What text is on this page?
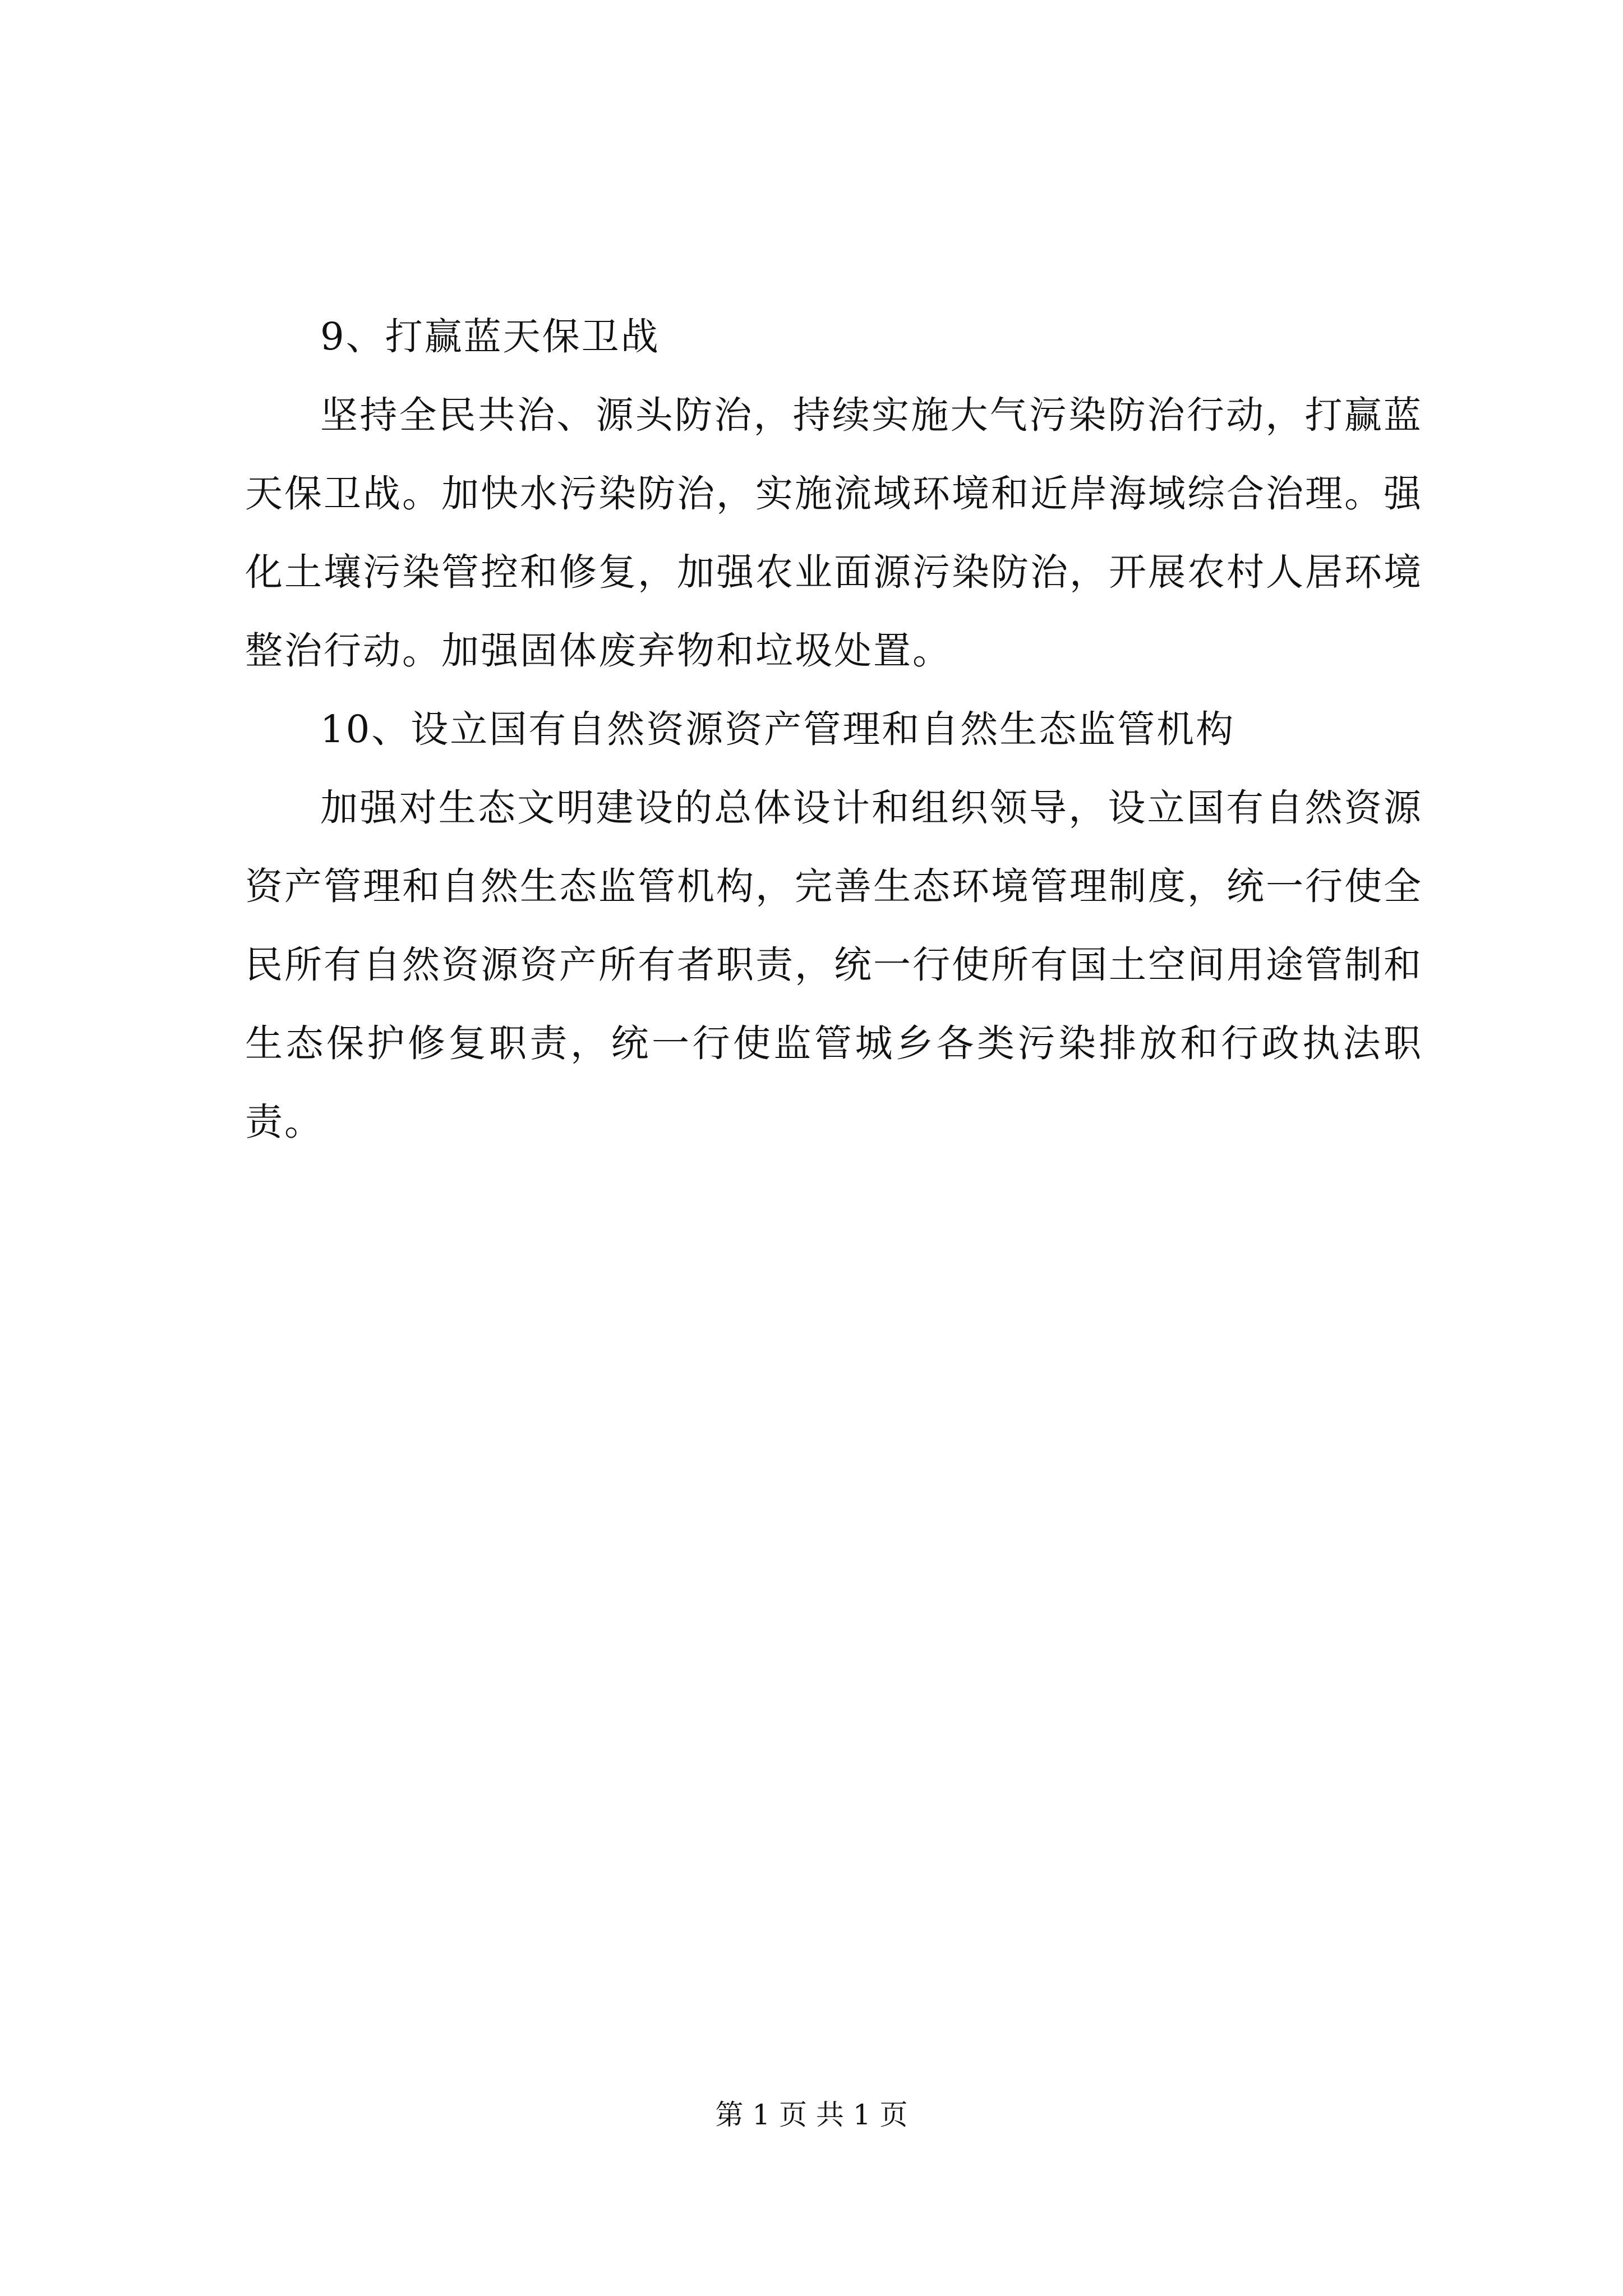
9、打赢蓝天保卫战

坚持全民共治、源头防治，持续实施大气污染防治行动，打赢蓝天保卫战。加快水污染防治，实施流域环境和近岸海域综合治理。强化土壤污染管控和修复，加强农业面源污染防治，开展农村人居环境整治行动。加强固体废弃物和垃圾处置。

10、设立国有自然资源资产管理和自然生态监管机构

加强对生态文明建设的总体设计和组织领导，设立国有自然资源资产管理和自然生态监管机构，完善生态环境管理制度，统一行使全民所有自然资源资产所有者职责，统一行使所有国土空间用途管制和生态保护修复职责，统一行使监管城乡各类污染排放和行政执法职责。

第 1 页 共 1 页
